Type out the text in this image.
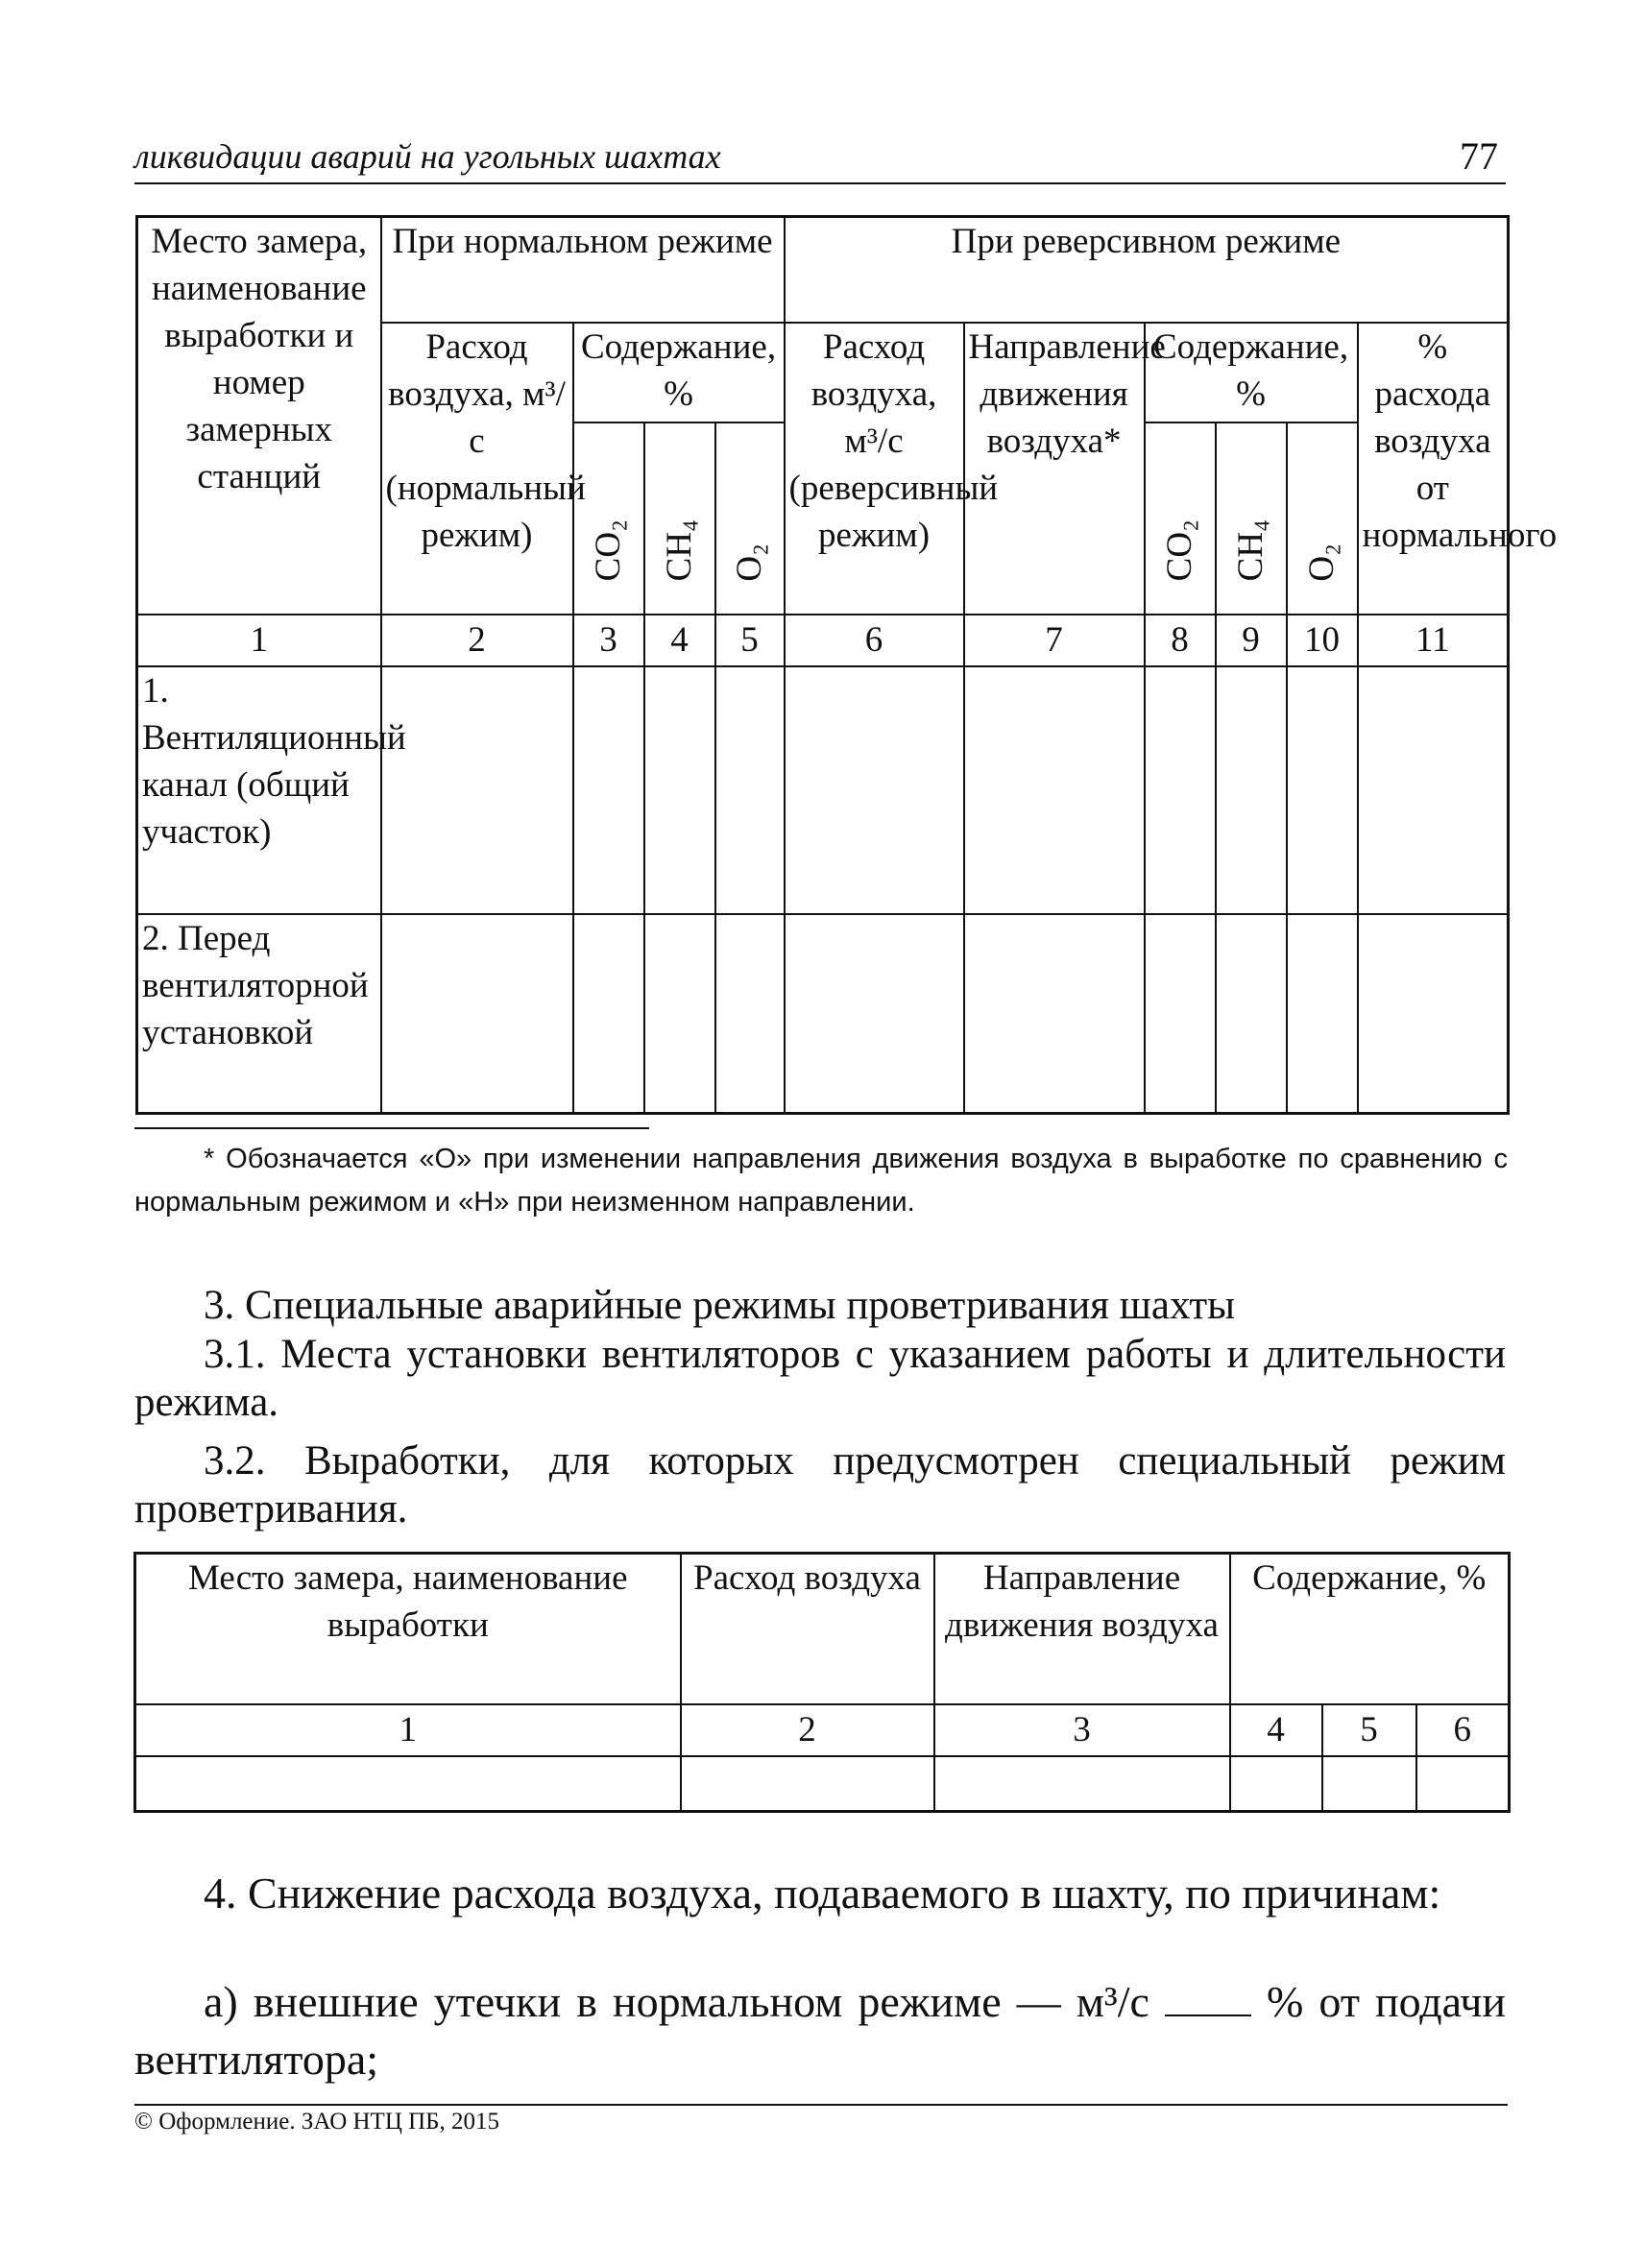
ликвидации аварий на угольных шахтах	77
Место замера, наименование выработки и номер замерных станций	При нормальном режиме				При реверсивном режиме					
	Расход воздуха, м³/с (нормальный режим)	Содержание, %			Расход воздуха, м³/с (реверсивный режим)	Направление движения воздуха*	Содержание, %			% расхода воздуха от нормального
		CO₂	CH₄	O₂			CO₂	CH₄	O₂	
1	2	3	4	5	6	7	8	9	10	11
1. Вентиляционный канал (общий участок)										
2. Перед вентиляторной установкой										
* Обозначается «О» при изменении направления движения воздуха в выработке по сравнению с нормальным режимом и «Н» при неизменном направлении.

3. Специальные аварийные режимы проветривания шахты

3.1. Места установки вентиляторов с указанием работы и длительности режима.

3.2. Выработки, для которых предусмотрен специальный режим проветривания.

Место замера, наименование выработки	Расход воздуха	Направление движения воздуха	Содержание, %		
1	2	3	4	5	6

4. Снижение расхода воздуха, подаваемого в шахту, по причинам:

а) внешние утечки в нормальном режиме — м³/с	% от подачи вентилятора;

© Оформление. ЗАО НТЦ ПБ, 2015
